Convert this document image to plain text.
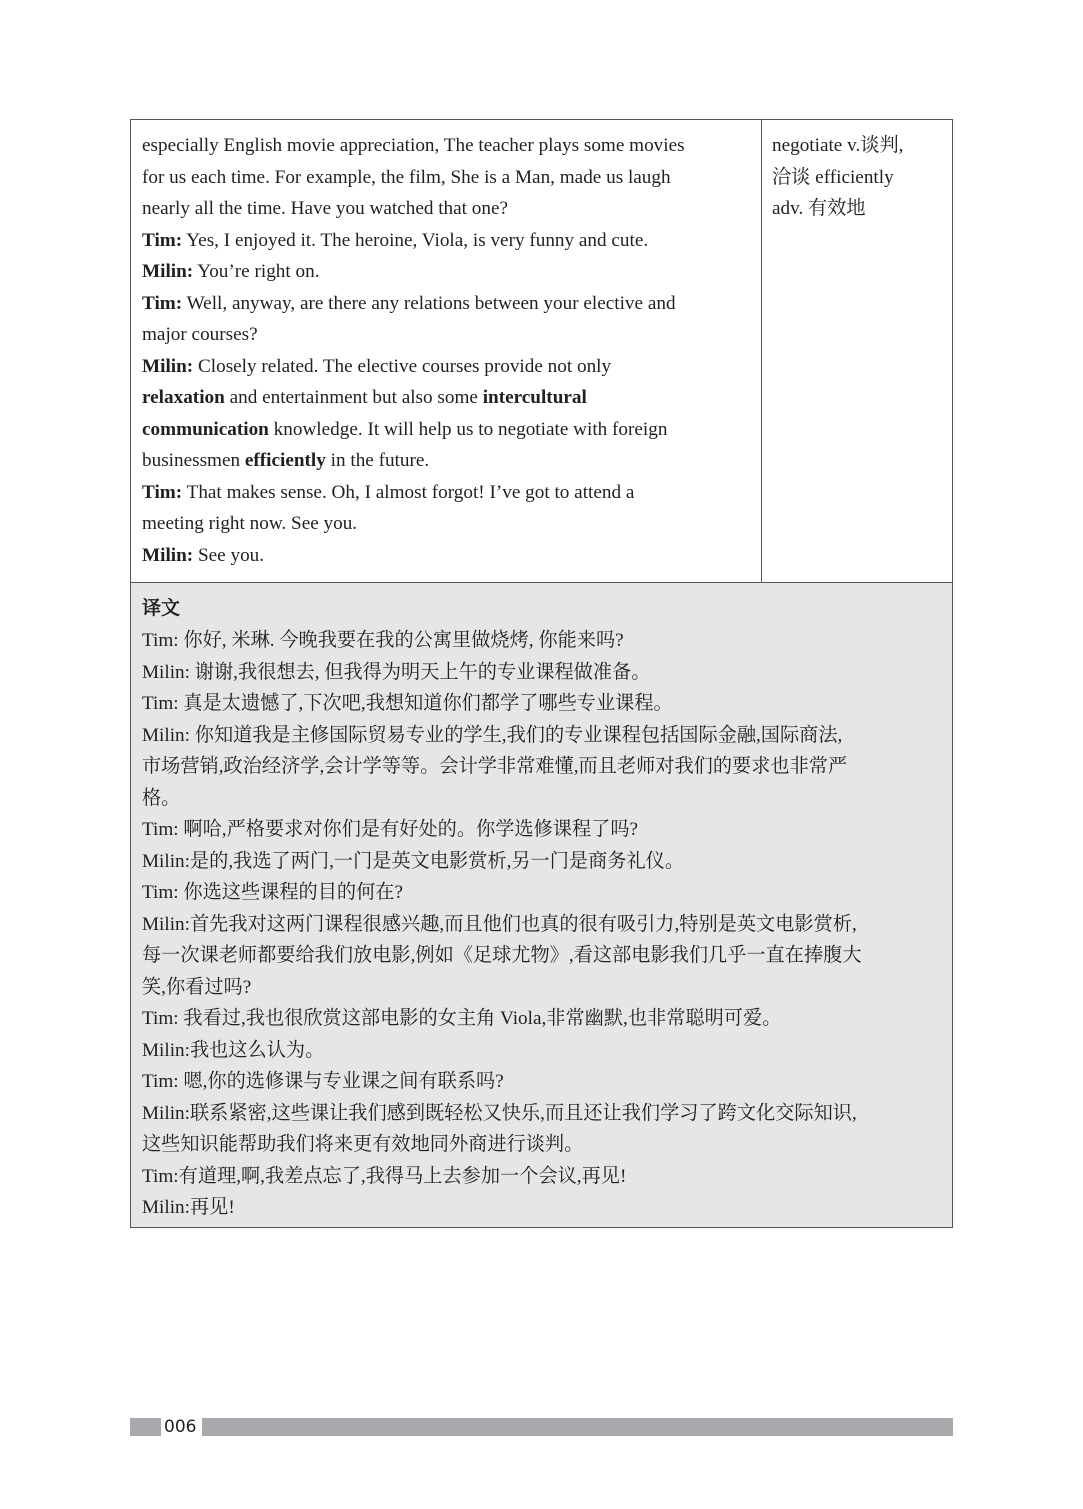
especially English movie appreciation, The teacher plays some movies
for us each time. For example, the film, She is a Man, made us laugh
nearly all the time. Have you watched that one?
Tim: Yes, I enjoyed it. The heroine, Viola, is very funny and cute.
Milin: You’re right on.
Tim: Well, anyway, are there any relations between your elective and
major courses?
Milin: Closely related. The elective courses provide not only
relaxation and entertainment but also some intercultural
communication knowledge. It will help us to negotiate with foreign
businessmen efficiently in the future.
Tim: That makes sense. Oh, I almost forgot! I’ve got to attend a
meeting right now. See you.
Milin: See you.
negotiate v.谈判,
洽谈 efficiently
adv. 有效地
译文
Tim: 你好, 米琳. 今晚我要在我的公寓里做烧烤, 你能来吗?
Milin: 谢谢,我很想去, 但我得为明天上午的专业课程做准备。
Tim: 真是太遗憾了,下次吧,我想知道你们都学了哪些专业课程。
Milin: 你知道我是主修国际贸易专业的学生,我们的专业课程包括国际金融,国际商法,
市场营销,政治经济学,会计学等等。会计学非常难懂,而且老师对我们的要求也非常严
格。
Tim: 啊哈,严格要求对你们是有好处的。你学选修课程了吗?
Milin:是的,我选了两门,一门是英文电影赏析,另一门是商务礼仪。
Tim: 你选这些课程的目的何在?
Milin:首先我对这两门课程很感兴趣,而且他们也真的很有吸引力,特别是英文电影赏析,
每一次课老师都要给我们放电影,例如《足球尤物》,看这部电影我们几乎一直在捧腹大
笑,你看过吗?
Tim: 我看过,我也很欣赏这部电影的女主角 Viola,非常幽默,也非常聪明可爱。
Milin:我也这么认为。
Tim: 嗯,你的选修课与专业课之间有联系吗?
Milin:联系紧密,这些课让我们感到既轻松又快乐,而且还让我们学习了跨文化交际知识,
这些知识能帮助我们将来更有效地同外商进行谈判。
Tim:有道理,啊,我差点忘了,我得马上去参加一个会议,再见!
Milin:再见!
006
